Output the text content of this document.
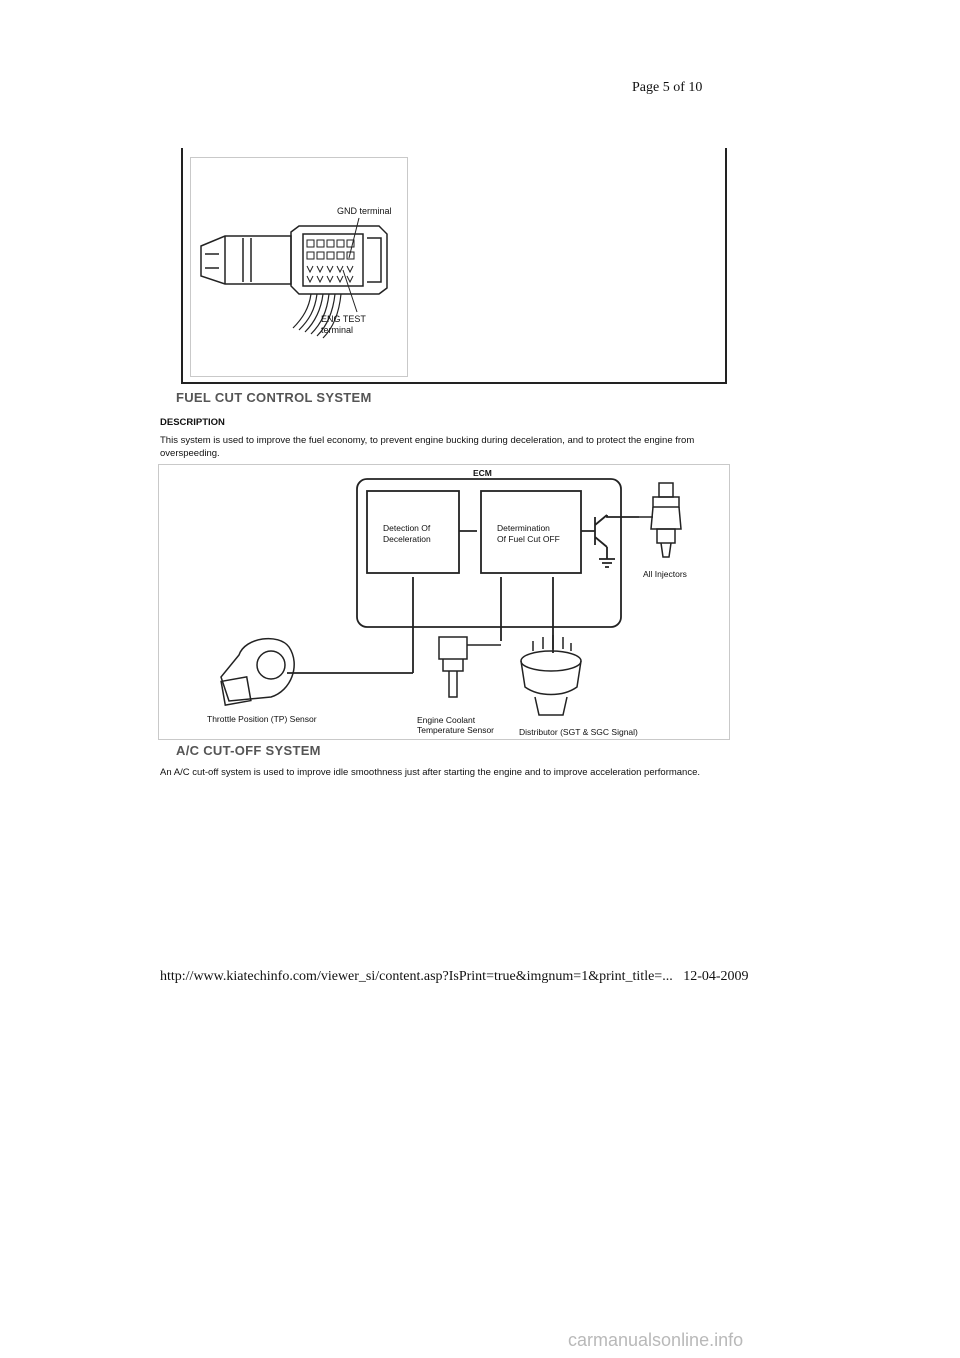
Page 5 of 10
GND terminal
ENG TEST
terminal
FUEL CUT CONTROL SYSTEM
DESCRIPTION
This system is used to improve the fuel economy, to prevent engine bucking during deceleration, and to protect the engine from overspeeding.
ECM
Detection Of
Deceleration
Determination
Of Fuel Cut OFF
All Injectors
Throttle Position (TP) Sensor	Engine Coolant
Temperature Sensor	Distributor (SGT & SGC Signal)
A/C CUT-OFF SYSTEM
An A/C cut-off system is used to improve idle smoothness just after starting the engine and to improve acceleration performance.
http://www.kiatechinfo.com/viewer_si/content.asp?IsPrint=true&imgnum=1&print_title=...   12-04-2009
carmanualsonline.info
